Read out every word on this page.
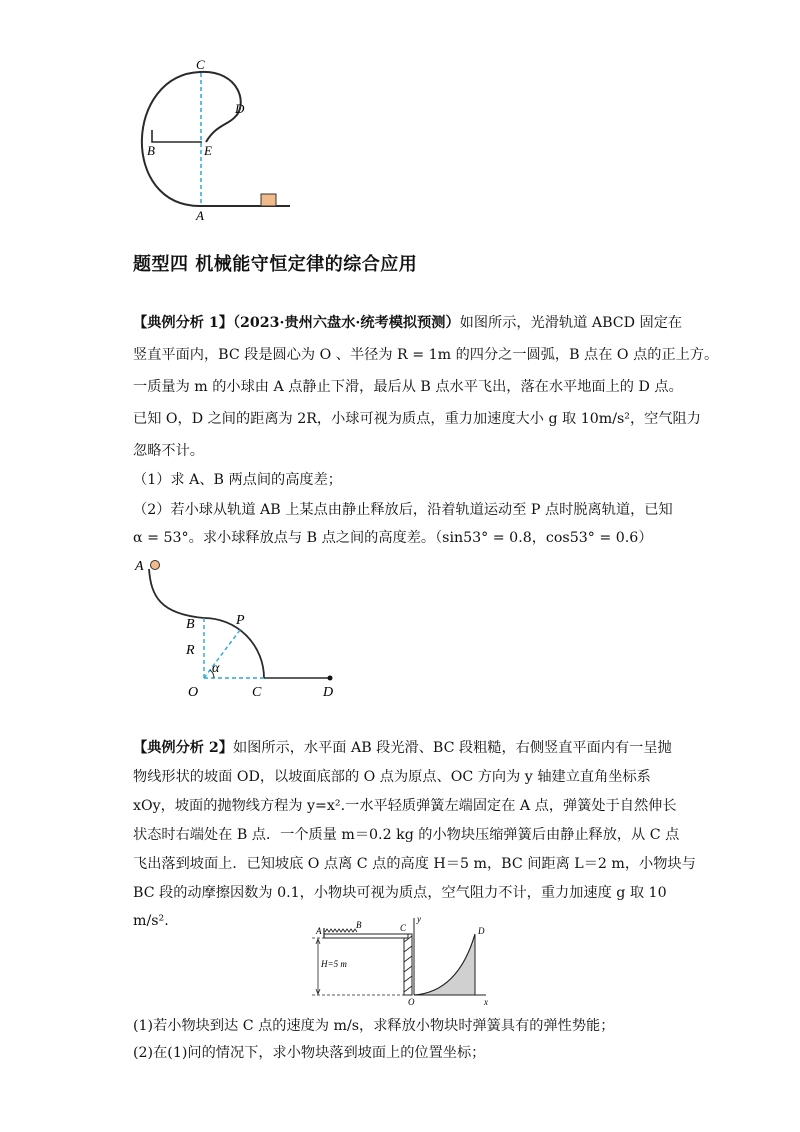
C
D
B	E
A
题型四 机械能守恒定律的综合应用
【典例分析 1】（2023·贵州六盘水·统考模拟预测）如图所示，光滑轨道 ABCD 固定在
竖直平面内，BC 段是圆心为 O 、半径为 R = 1m 的四分之一圆弧，B 点在 O 点的正上方。
一质量为 m 的小球由 A 点静止下滑，最后从 B 点水平飞出，落在水平地面上的 D 点。
已知 O，D 之间的距离为 2R，小球可视为质点，重力加速度大小 g 取 10m/s²，空气阻力
忽略不计。
（1）求 A、B 两点间的高度差；
（2）若小球从轨道 AB 上某点由静止释放后，沿着轨道运动至 P 点时脱离轨道，已知
α = 53°。求小球释放点与 B 点之间的高度差。（sin53° = 0.8，cos53° = 0.6）
A
B	P
R
α
O	C	D
【典例分析 2】如图所示，水平面 AB 段光滑、BC 段粗糙，右侧竖直平面内有一呈抛
物线形状的坡面 OD，以坡面底部的 O 点为原点、OC 方向为 y 轴建立直角坐标系
xOy，坡面的抛物线方程为 y=x².一水平轻质弹簧左端固定在 A 点，弹簧处于自然伸长
状态时右端处在 B 点．一个质量 m＝0.2 kg 的小物块压缩弹簧后由静止释放，从 C 点
飞出落到坡面上．已知坡底 O 点离 C 点的高度 H＝5 m，BC 间距离 L＝2 m，小物块与
BC 段的动摩擦因数为 0.1，小物块可视为质点，空气阻力不计，重力加速度 g 取 10
m/s².
A
B	C
y
D
H=5 m
O	x
(1)若小物块到达 C 点的速度为 m/s，求释放小物块时弹簧具有的弹性势能；
(2)在(1)问的情况下，求小物块落到坡面上的位置坐标；
